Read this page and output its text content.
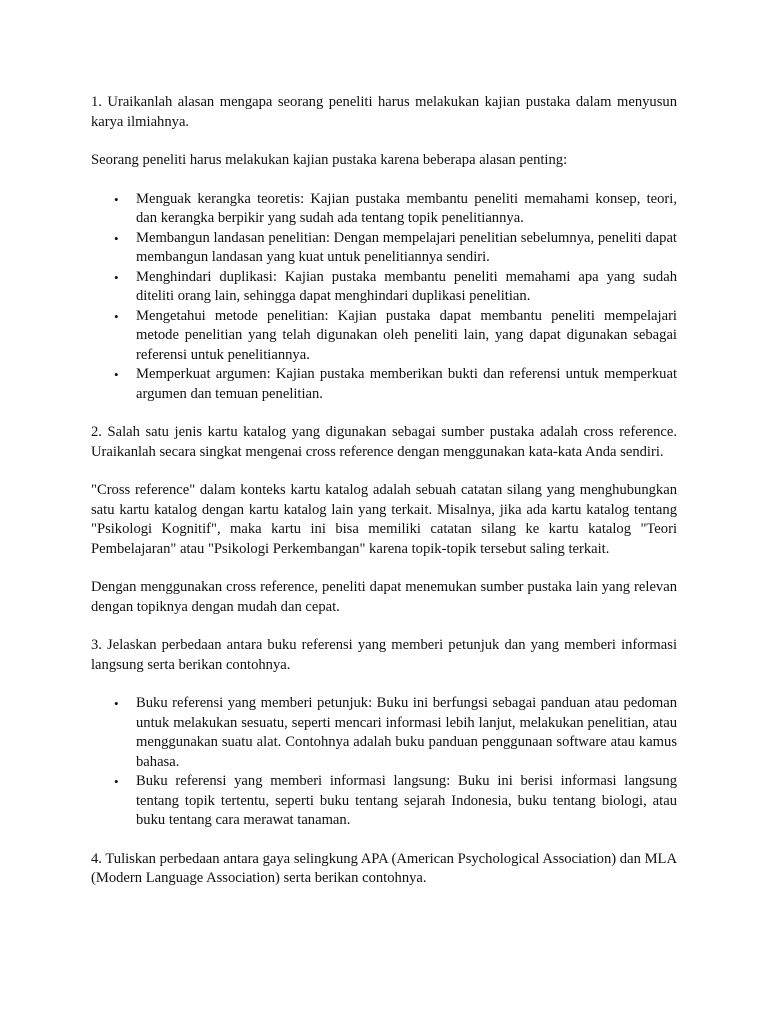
1. Uraikanlah alasan mengapa seorang peneliti harus melakukan kajian pustaka dalam menyusun karya ilmiahnya.

Seorang peneliti harus melakukan kajian pustaka karena beberapa alasan penting:

• Menguak kerangka teoretis: Kajian pustaka membantu peneliti memahami konsep, teori, dan kerangka berpikir yang sudah ada tentang topik penelitiannya.
• Membangun landasan penelitian: Dengan mempelajari penelitian sebelumnya, peneliti dapat membangun landasan yang kuat untuk penelitiannya sendiri.
• Menghindari duplikasi: Kajian pustaka membantu peneliti memahami apa yang sudah diteliti orang lain, sehingga dapat menghindari duplikasi penelitian.
• Mengetahui metode penelitian: Kajian pustaka dapat membantu peneliti mempelajari metode penelitian yang telah digunakan oleh peneliti lain, yang dapat digunakan sebagai referensi untuk penelitiannya.
• Memperkuat argumen: Kajian pustaka memberikan bukti dan referensi untuk memperkuat argumen dan temuan penelitian.

2. Salah satu jenis kartu katalog yang digunakan sebagai sumber pustaka adalah cross reference. Uraikanlah secara singkat mengenai cross reference dengan menggunakan kata-kata Anda sendiri.

"Cross reference" dalam konteks kartu katalog adalah sebuah catatan silang yang menghubungkan satu kartu katalog dengan kartu katalog lain yang terkait. Misalnya, jika ada kartu katalog tentang "Psikologi Kognitif", maka kartu ini bisa memiliki catatan silang ke kartu katalog "Teori Pembelajaran" atau "Psikologi Perkembangan" karena topik-topik tersebut saling terkait.

Dengan menggunakan cross reference, peneliti dapat menemukan sumber pustaka lain yang relevan dengan topiknya dengan mudah dan cepat.

3. Jelaskan perbedaan antara buku referensi yang memberi petunjuk dan yang memberi informasi langsung serta berikan contohnya.

• Buku referensi yang memberi petunjuk: Buku ini berfungsi sebagai panduan atau pedoman untuk melakukan sesuatu, seperti mencari informasi lebih lanjut, melakukan penelitian, atau menggunakan suatu alat. Contohnya adalah buku panduan penggunaan software atau kamus bahasa.
• Buku referensi yang memberi informasi langsung: Buku ini berisi informasi langsung tentang topik tertentu, seperti buku tentang sejarah Indonesia, buku tentang biologi, atau buku tentang cara merawat tanaman.

4. Tuliskan perbedaan antara gaya selingkung APA (American Psychological Association) dan MLA (Modern Language Association) serta berikan contohnya.
